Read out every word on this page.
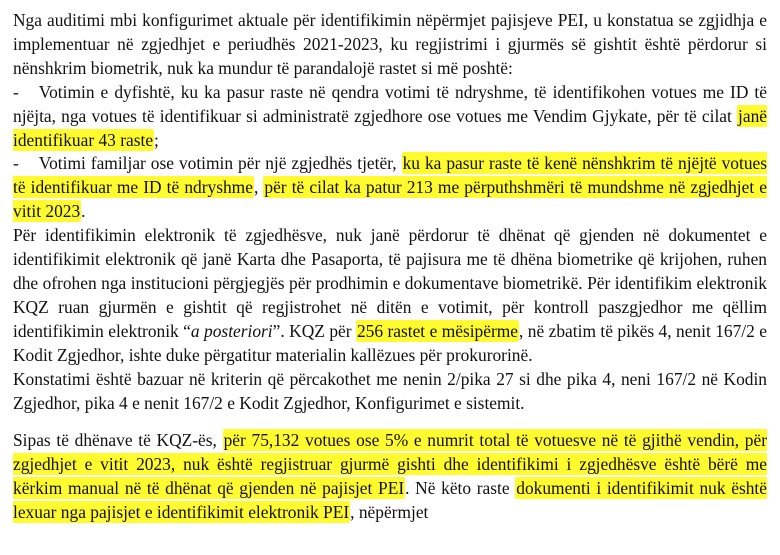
Nga auditimi mbi konfigurimet aktuale për identifikimin nëpërmjet pajisjeve PEI, u konstatua se zgjidhja e implementuar në zgjedhjet e periudhës 2021-2023, ku regjistrimi i gjurmës së gishtit është përdorur si nënshkrim biometrik, nuk ka mundur të parandalojë rastet si më poshtë:

- Votimin e dyfishtë, ku ka pasur raste në qendra votimi të ndryshme, të identifikohen votues me ID të njëjta, nga votues të identifikuar si administratë zgjedhore ose votues me Vendim Gjykate, për të cilat janë identifikuar 43 raste;

- Votimi familjar ose votimin për një zgjedhës tjetër, ku ka pasur raste të kenë nënshkrim të njëjtë votues të identifikuar me ID të ndryshme, për të cilat ka patur 213 me përputhshmëri të mundshme në zgjedhjet e vitit 2023.

Për identifikimin elektronik të zgjedhësve, nuk janë përdorur të dhënat që gjenden në dokumentet e identifikimit elektronik që janë Karta dhe Pasaporta, të pajisura me të dhëna biometrike që krijohen, ruhen dhe ofrohen nga institucioni përgjegjës për prodhimin e dokumentave biometrikë. Për identifikim elektronik KQZ ruan gjurmën e gishtit që regjistrohet në ditën e votimit, për kontroll paszgjedhor me qëllim identifikimin elektronik “a posteriori”. KQZ për 256 rastet e mësipërme, në zbatim të pikës 4, nenit 167/2 e Kodit Zgjedhor, ishte duke përgatitur materialin kallëzues për prokurorinë.

Konstatimi është bazuar në kriterin që përcakothet me nenin 2/pika 27 si dhe pika 4, neni 167/2 në Kodin Zgjedhor, pika 4 e nenit 167/2 e Kodit Zgjedhor, Konfigurimet e sistemit.

Sipas të dhënave të KQZ-ës, për 75,132 votues ose 5% e numrit total të votuesve në të gjithë vendin, për zgjedhjet e vitit 2023, nuk është regjistruar gjurmë gishti dhe identifikimi i zgjedhësve është bërë me kërkim manual në të dhënat që gjenden në pajisjet PEI. Në këto raste dokumenti i identifikimit nuk është lexuar nga pajisjet e identifikimit elektronik PEI, nëpërmjet
